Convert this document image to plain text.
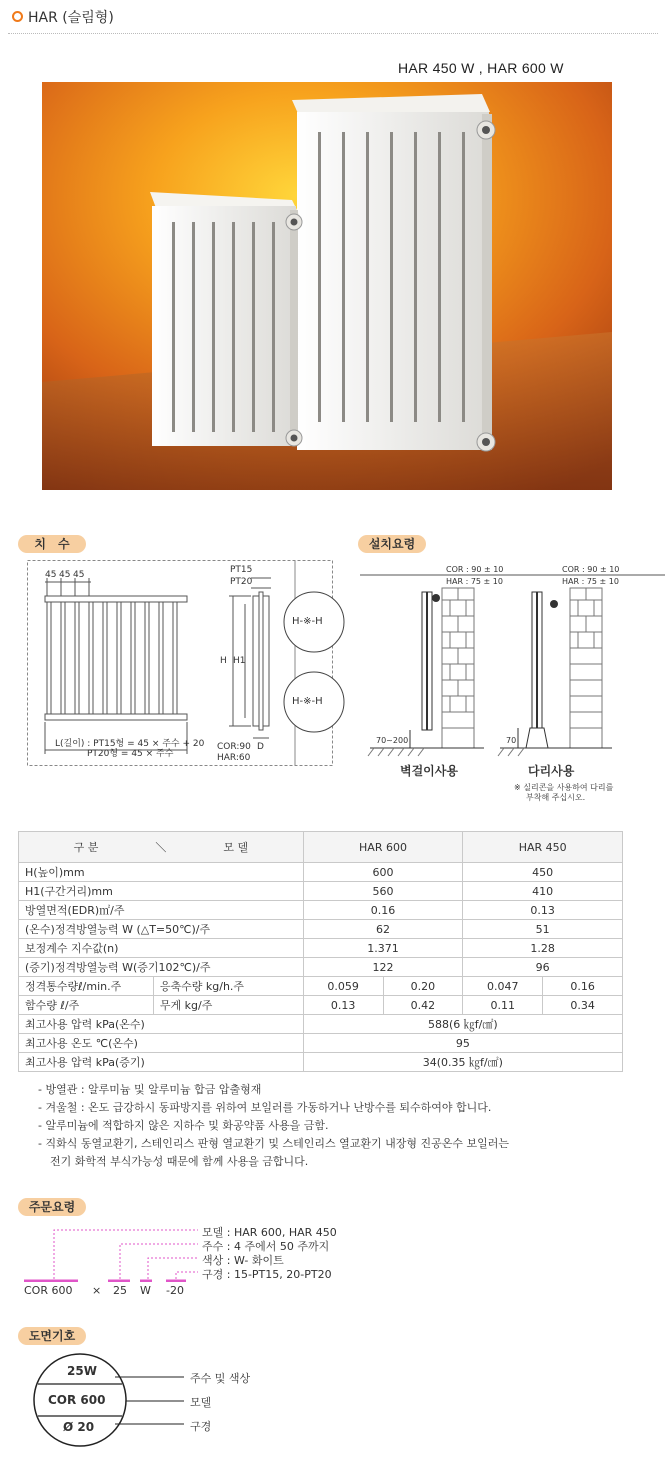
HAR (슬림형)
HAR 450 W , HAR 600 W
치　수	설치요령
45 45 45	PT15
PT20
H H1
L(길이) : PT15형 = 45 × 주수 + 20
PT20형 = 45 × 주수
COR:90 D
HAR:60
H-※-H
H-※-H
COR : 90 ± 10
HAR : 75 ± 10
COR : 90 ± 10
HAR : 75 ± 10
70~200	70
벽걸이사용	다리사용
※ 실리콘을 사용하여 다리를
부착해 주십시오.
구 분 ＼ 모 델		HAR 600		HAR 450	
H(높이)mm		600		450	
H1(구간거리)mm		560		410	
방열면적(EDR)㎡/주		0.16		0.13	
(온수)정격방열능력 W (△T=50℃)/주		62		51	
보정계수 지수값(n)		1.371		1.28	
(증기)정격방열능력 W(증기102℃)/주		122		96	
정격통수량ℓ/min.주	응축수량 kg/h.주	0.059	0.20	0.047	0.16
함수량 ℓ/주	무게 kg/주	0.13	0.42	0.11	0.34
최고사용 압력 kPa(온수)		588(6 ㎏f/㎠)			
최고사용 온도 ℃(온수)		95			
최고사용 압력 kPa(증기)		34(0.35 ㎏f/㎠)			
- 방열관 : 알루미늄 및 알루미늄 합금 압출형재
- 겨울철 : 온도 급강하시 동파방지를 위하여 보일러를 가동하거나 난방수를 퇴수하여야 합니다.
- 알루미늄에 적합하지 않은 지하수 및 화공약품 사용을 금함.
- 직화식 동열교환기, 스테인리스 판형 열교환기 및 스테인리스 열교환기 내장형 진공온수 보일러는
전기 화학적 부식가능성 때문에 함께 사용을 금합니다.
주문요령
모델 : HAR 600, HAR 450
주수 : 4 주에서 50 주까지
색상 : W- 화이트
구경 : 15-PT15, 20-PT20
COR 600 × 25 W -20
도면기호
25W
COR 600
Ø 20
주수 및 색상
모델
구경
